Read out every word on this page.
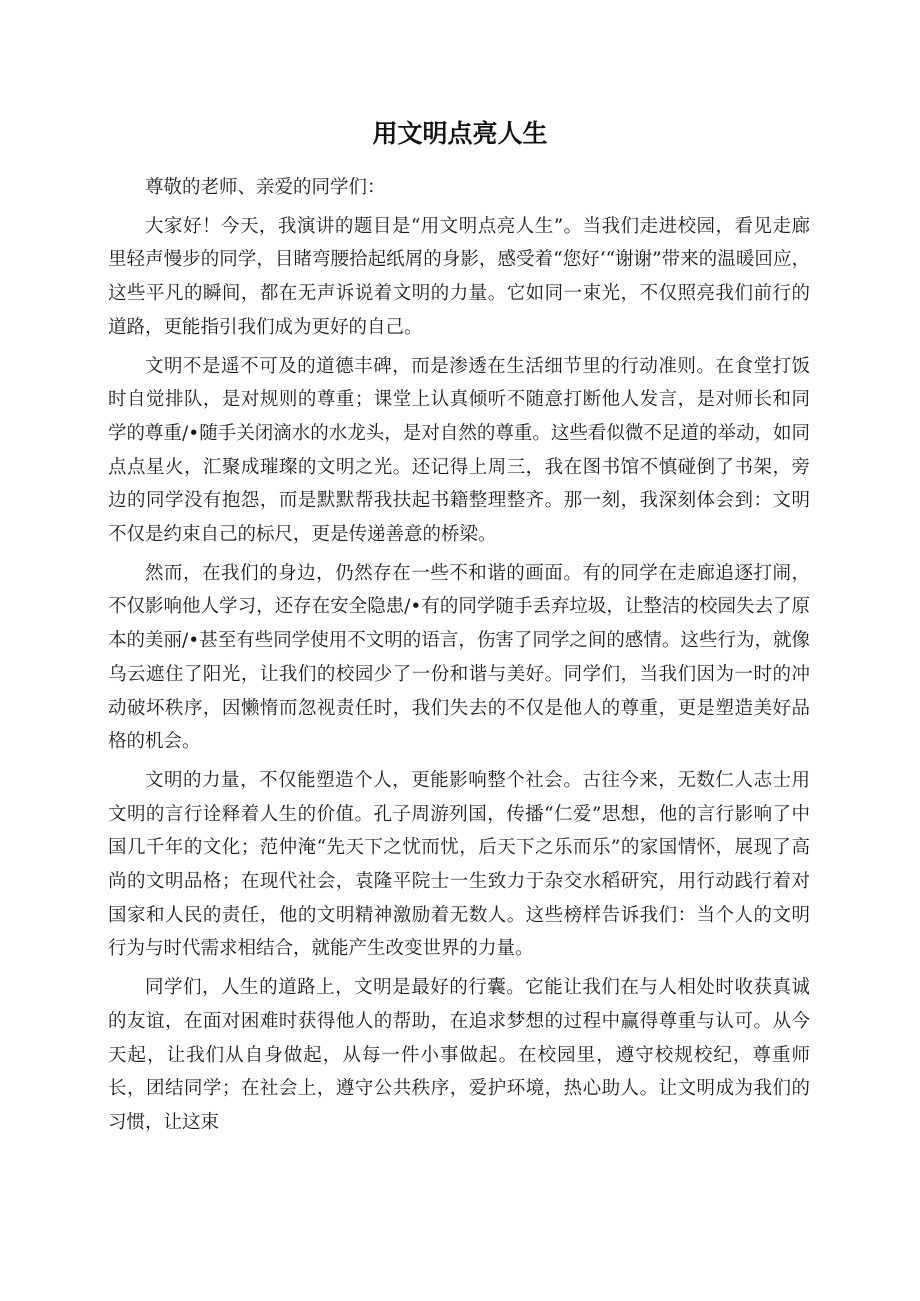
用文明点亮人生

尊敬的老师、亲爱的同学们：

大家好！今天，我演讲的题目是“用文明点亮人生”。当我们走进校园，看见走廊里轻声慢步的同学，目睹弯腰拾起纸屑的身影，感受着“您好‘“谢谢”带来的温暖回应，这些平凡的瞬间，都在无声诉说着文明的力量。它如同一束光，不仅照亮我们前行的道路，更能指引我们成为更好的自己。

文明不是遥不可及的道德丰碑，而是渗透在生活细节里的行动准则。在食堂打饭时自觉排队，是对规则的尊重；课堂上认真倾听不随意打断他人发言，是对师长和同学的尊重/•随手关闭滴水的水龙头，是对自然的尊重。这些看似微不足道的举动，如同点点星火，汇聚成璀璨的文明之光。还记得上周三，我在图书馆不慎碰倒了书架，旁边的同学没有抱怨，而是默默帮我扶起书籍整理整齐。那一刻，我深刻体会到：文明不仅是约束自己的标尺，更是传递善意的桥梁。

然而，在我们的身边，仍然存在一些不和谐的画面。有的同学在走廊追逐打闹，不仅影响他人学习，还存在安全隐患/•有的同学随手丢弃垃圾，让整洁的校园失去了原本的美丽/•甚至有些同学使用不文明的语言，伤害了同学之间的感情。这些行为，就像乌云遮住了阳光，让我们的校园少了一份和谐与美好。同学们，当我们因为一时的冲动破坏秩序，因懒惰而忽视责任时，我们失去的不仅是他人的尊重，更是塑造美好品格的机会。

文明的力量，不仅能塑造个人，更能影响整个社会。古往今来，无数仁人志士用文明的言行诠释着人生的价值。孔子周游列国，传播“仁爱”思想，他的言行影响了中国几千年的文化；范仲淹“先天下之忧而忧，后天下之乐而乐”的家国情怀，展现了高尚的文明品格；在现代社会，袁隆平院士一生致力于杂交水稻研究，用行动践行着对国家和人民的责任，他的文明精神激励着无数人。这些榜样告诉我们：当个人的文明行为与时代需求相结合，就能产生改变世界的力量。

同学们，人生的道路上，文明是最好的行囊。它能让我们在与人相处时收获真诚的友谊，在面对困难时获得他人的帮助，在追求梦想的过程中赢得尊重与认可。从今天起，让我们从自身做起，从每一件小事做起。在校园里，遵守校规校纪，尊重师长，团结同学；在社会上，遵守公共秩序，爱护环境，热心助人。让文明成为我们的习惯，让这束
